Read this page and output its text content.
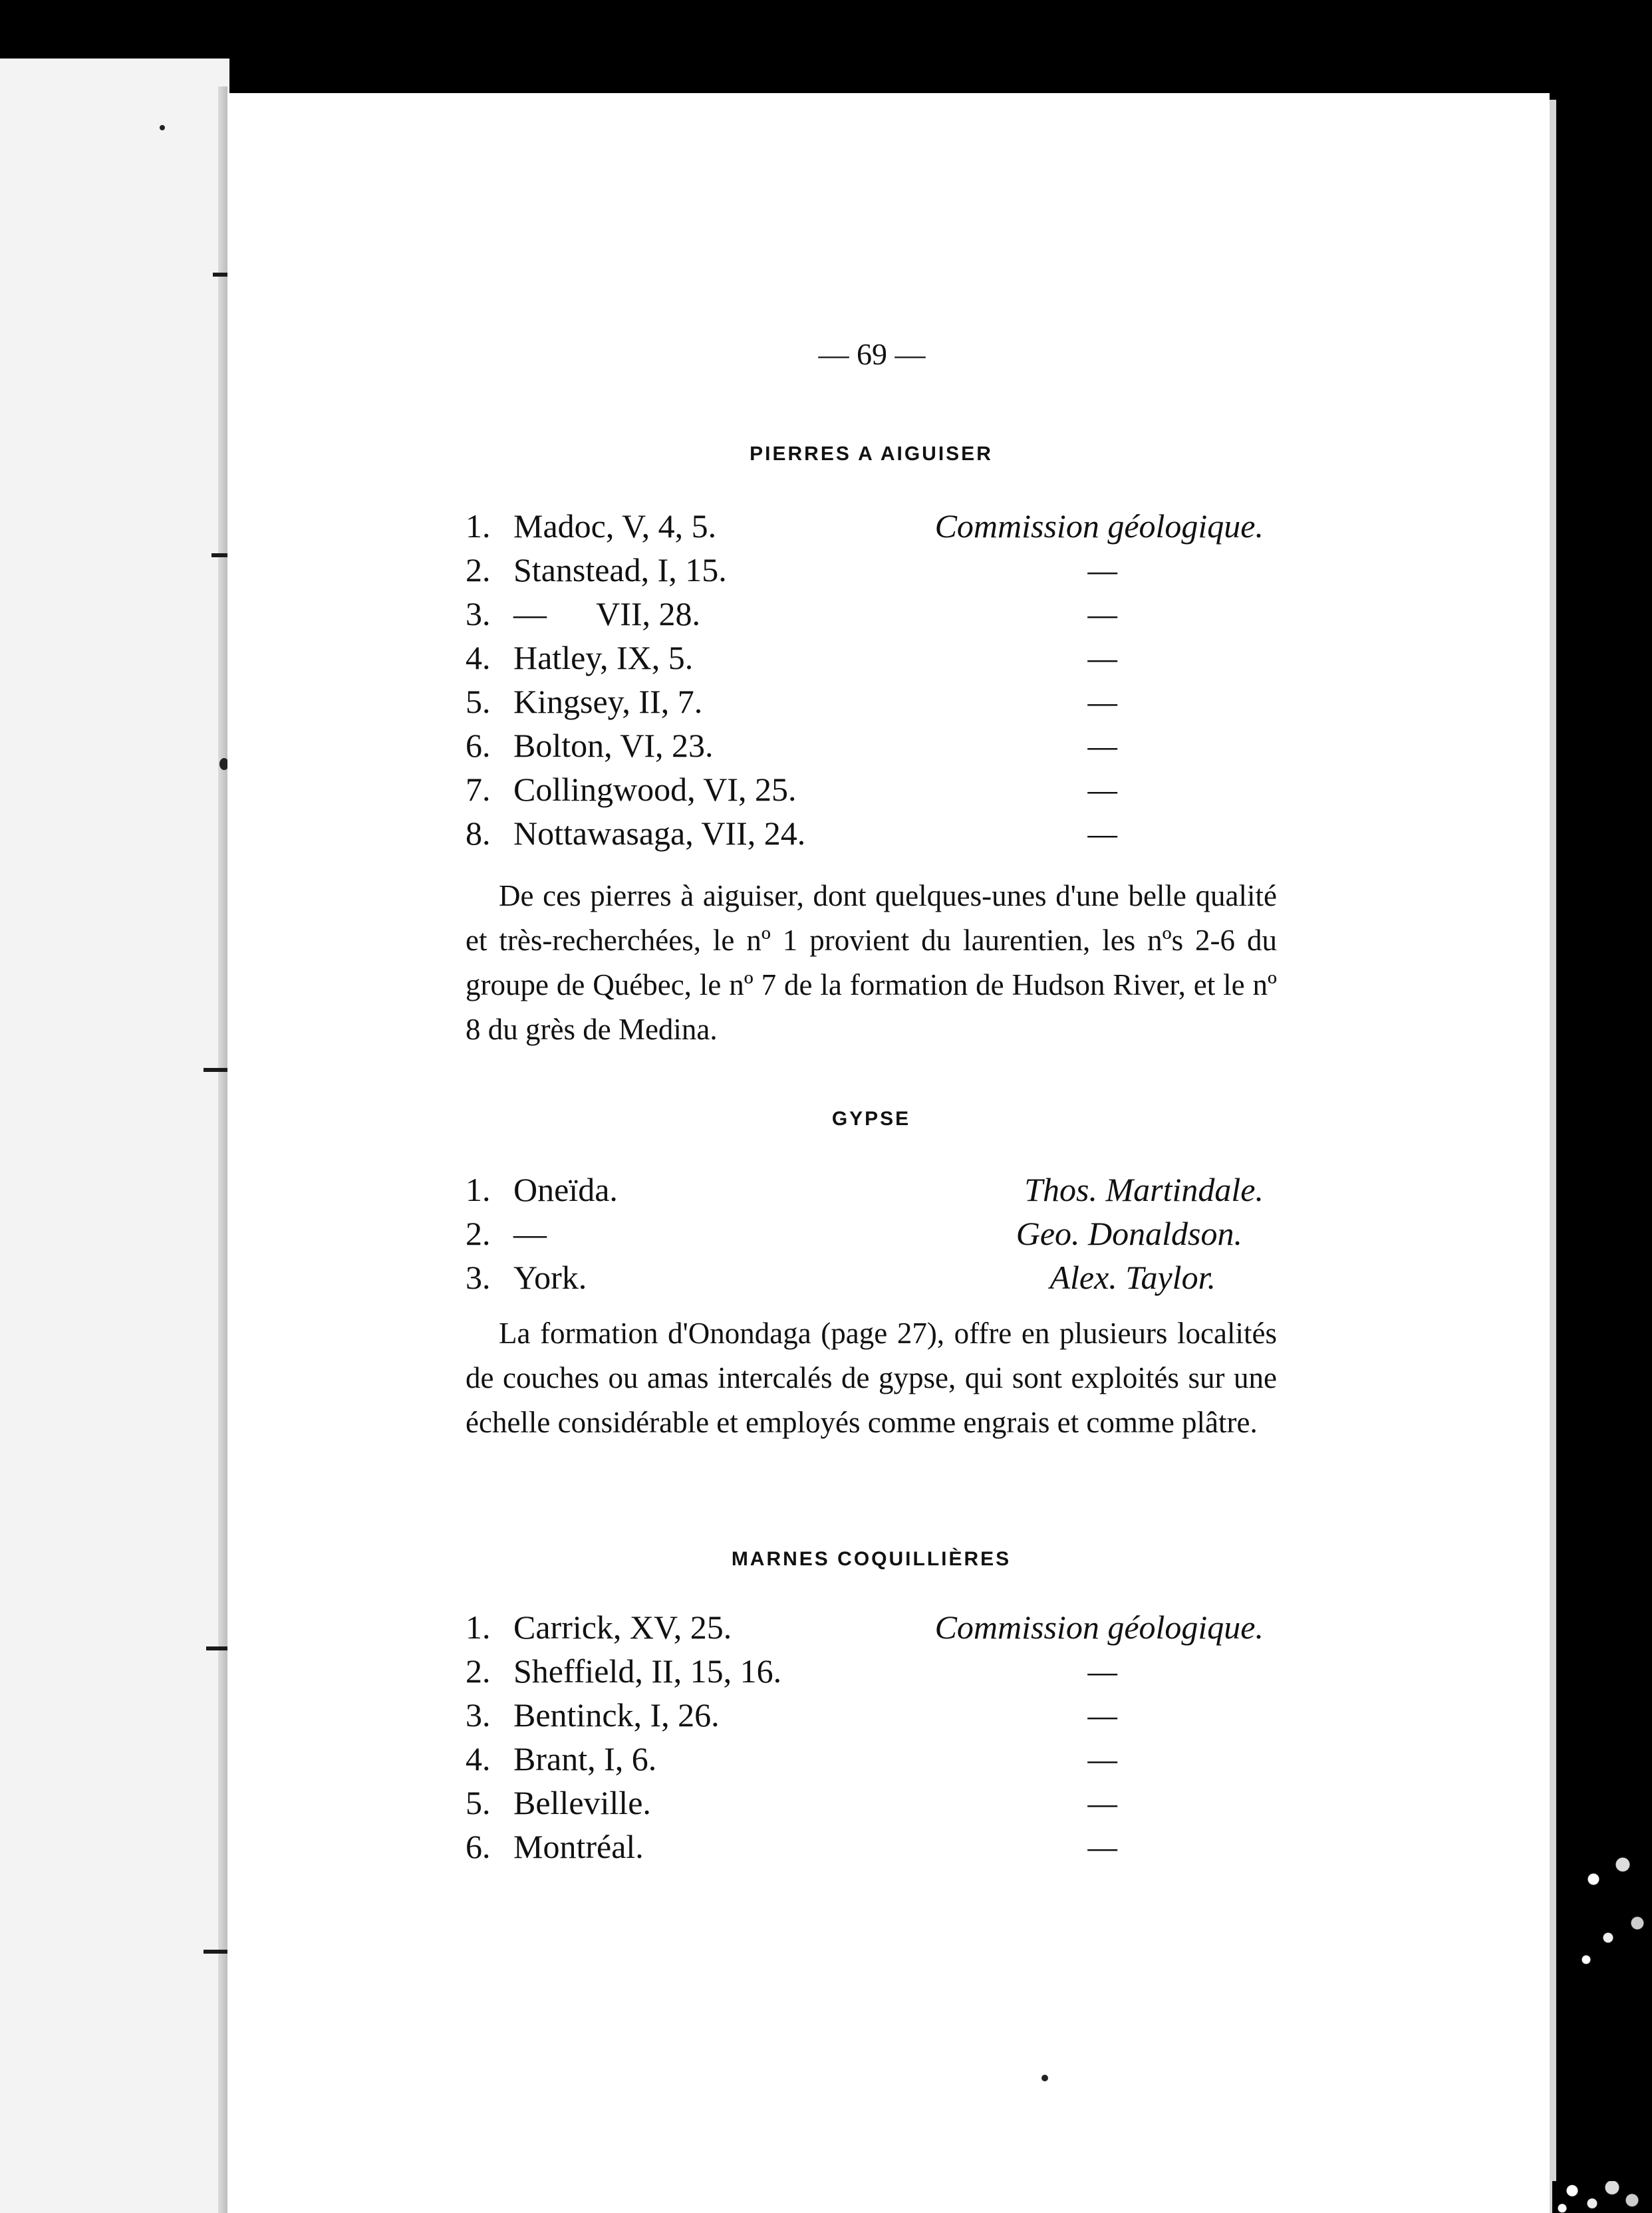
— 69 —
PIERRES A AIGUISER
1. Madoc, V, 4, 5.	Commission géologique.
2. Stanstead, I, 15.	—
3. —      VII, 28.	—
4. Hatley, IX, 5.	—
5. Kingsey, II, 7.	—
6. Bolton, VI, 23.	—
7. Collingwood, VI, 25.	—
8. Nottawasaga, VII, 24.	—
De ces pierres à aiguiser, dont quelques-unes d'une belle qualité et très-recherchées, le nº 1 provient du laurentien, les nºs 2-6 du groupe de Québec, le nº 7 de la formation de Hudson River, et le nº 8 du grès de Medina.
GYPSE
1. Oneïda.	Thos. Martindale.
2. —	Geo. Donaldson.
3. York.	Alex. Taylor.
La formation d'Onondaga (page 27), offre en plusieurs localités de couches ou amas intercalés de gypse, qui sont exploités sur une échelle considérable et employés comme engrais et comme plâtre.
MARNES COQUILLIÈRES
1. Carrick, XV, 25.	Commission géologique.
2. Sheffield, II, 15, 16.	—
3. Bentinck, I, 26.	—
4. Brant, I, 6.	—
5. Belleville.	—
6. Montréal.	—
